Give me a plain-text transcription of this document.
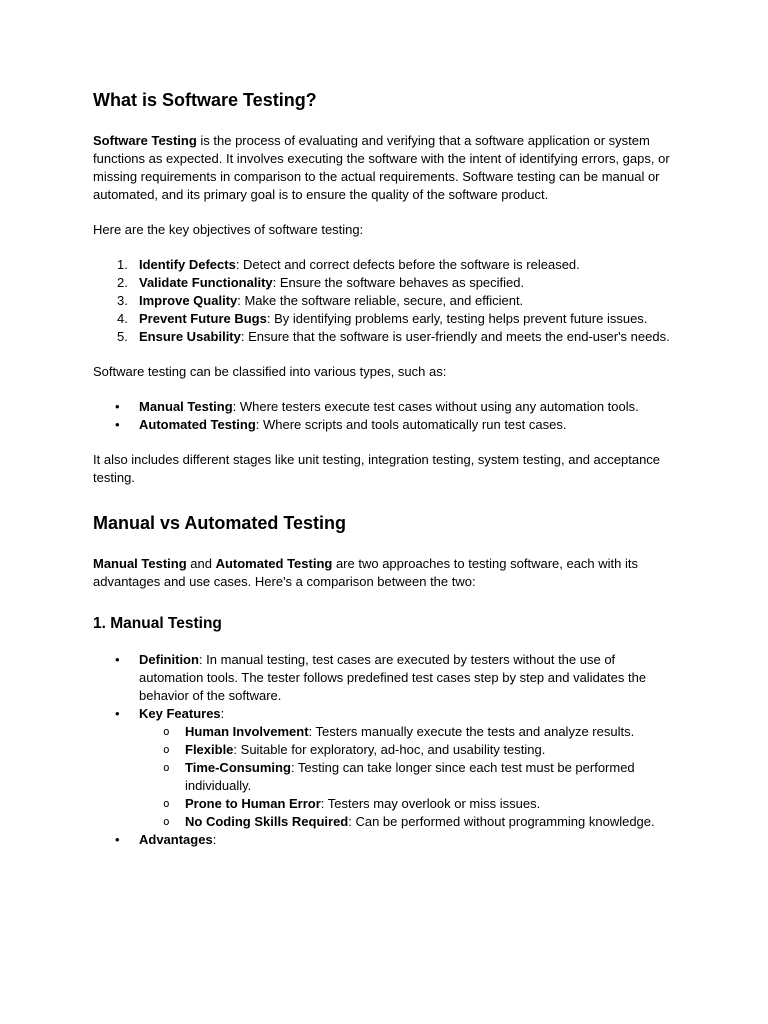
What is Software Testing?

Software Testing is the process of evaluating and verifying that a software application or system functions as expected. It involves executing the software with the intent of identifying errors, gaps, or missing requirements in comparison to the actual requirements. Software testing can be manual or automated, and its primary goal is to ensure the quality of the software product.

Here are the key objectives of software testing:

1. Identify Defects: Detect and correct defects before the software is released.
2. Validate Functionality: Ensure the software behaves as specified.
3. Improve Quality: Make the software reliable, secure, and efficient.
4. Prevent Future Bugs: By identifying problems early, testing helps prevent future issues.
5. Ensure Usability: Ensure that the software is user-friendly and meets the end-user's needs.

Software testing can be classified into various types, such as:

• Manual Testing: Where testers execute test cases without using any automation tools.
• Automated Testing: Where scripts and tools automatically run test cases.

It also includes different stages like unit testing, integration testing, system testing, and acceptance testing.

Manual vs Automated Testing

Manual Testing and Automated Testing are two approaches to testing software, each with its advantages and use cases. Here's a comparison between the two:

1. Manual Testing
• Definition: In manual testing, test cases are executed by testers without the use of automation tools. The tester follows predefined test cases step by step and validates the behavior of the software.
• Key Features:
o Human Involvement: Testers manually execute the tests and analyze results.
o Flexible: Suitable for exploratory, ad-hoc, and usability testing.
o Time-Consuming: Testing can take longer since each test must be performed individually.
o Prone to Human Error: Testers may overlook or miss issues.
o No Coding Skills Required: Can be performed without programming knowledge.
• Advantages:
